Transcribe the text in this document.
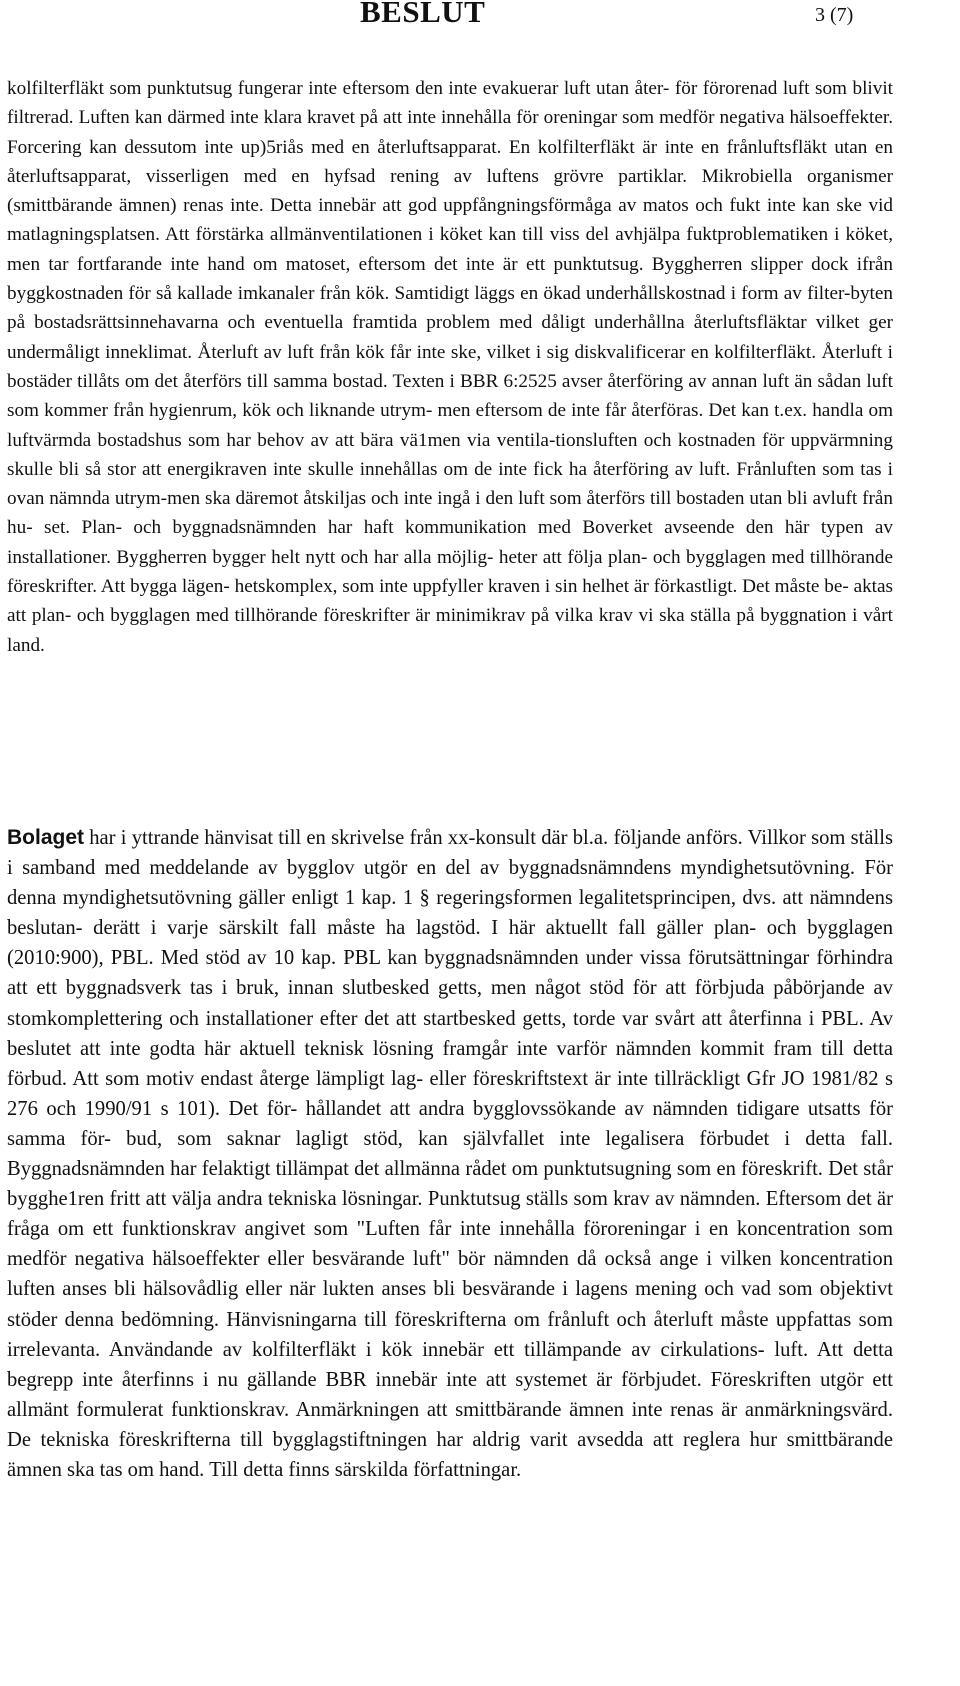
BESLUT	3 (7)

kolfilterfläkt som punktutsug fungerar inte eftersom den inte evakuerar luft utan åter- för förorenad luft som blivit filtrerad. Luften kan därmed inte klara kravet på att inte innehålla för oreningar som medför negativa hälsoeffekter. Forcering kan dessutom inte up)5riås med en återluftsapparat. En kolfilterfläkt är inte en frånluftsfläkt utan en återluftsapparat, visserligen med en hyfsad rening av luftens grövre partiklar. Mikrobiella organismer (smittbärande ämnen) renas inte. Detta innebär att god uppfångningsförmåga av matos och fukt inte kan ske vid matlagningsplatsen. Att förstärka allmänventilationen i köket kan till viss del avhjälpa fuktproblematiken i köket, men tar fortfarande inte hand om matoset, eftersom det inte är ett punktutsug. Byggherren slipper dock ifrån byggkostnaden för så kallade imkanaler från kök. Samtidigt läggs en ökad underhållskostnad i form av filter-byten på bostadsrättsinnehavarna och eventuella framtida problem med dåligt underhållna återluftsfläktar vilket ger undermåligt inneklimat. Återluft av luft från kök får inte ske, vilket i sig diskvalificerar en kolfilterfläkt. Återluft i bostäder tillåts om det återförs till samma bostad. Texten i BBR 6:2525 avser återföring av annan luft än sådan luft som kommer från hygienrum, kök och liknande utrym- men eftersom de inte får återföras. Det kan t.ex. handla om luftvärmda bostadshus som har behov av att bära vä1men via ventila-tionsluften och kostnaden för uppvärmning skulle bli så stor att energikraven inte skulle innehållas om de inte fick ha återföring av luft. Frånluften som tas i ovan nämnda utrym-men ska däremot åtskiljas och inte ingå i den luft som återförs till bostaden utan bli avluft från hu- set. Plan- och byggnadsnämnden har haft kommunikation med Boverket avseende den här typen av installationer. Byggherren bygger helt nytt och har alla möjlig- heter att följa plan- och bygglagen med tillhörande föreskrifter. Att bygga lägen- hetskomplex, som inte uppfyller kraven i sin helhet är förkastligt. Det måste be- aktas att plan- och bygglagen med tillhörande föreskrifter är minimikrav på vilka krav vi ska ställa på byggnation i vårt land.

Bolaget har i yttrande hänvisat till en skrivelse från xx-konsult där bl.a. följande anförs. Villkor som ställs i samband med meddelande av bygglov utgör en del av byggnadsnämndens myndighetsutövning. För denna myndighetsutövning gäller enligt 1 kap. 1 § regeringsformen legalitetsprincipen, dvs. att nämndens beslutan- derätt i varje särskilt fall måste ha lagstöd. I här aktuellt fall gäller plan- och bygglagen (2010:900), PBL. Med stöd av 10 kap. PBL kan byggnadsnämnden under vissa förutsättningar förhindra att ett byggnadsverk tas i bruk, innan slutbesked getts, men något stöd för att förbjuda påbörjande av stomkomplettering och installationer efter det att startbesked getts, torde var svårt att återfinna i PBL. Av beslutet att inte godta här aktuell teknisk lösning framgår inte varför nämnden kommit fram till detta förbud. Att som motiv endast återge lämpligt lag- eller föreskriftstext är inte tillräckligt Gfr JO 1981/82 s 276 och 1990/91 s 101). Det för- hållandet att andra bygglovssökande av nämnden tidigare utsatts för samma för- bud, som saknar lagligt stöd, kan självfallet inte legalisera förbudet i detta fall. Byggnadsnämnden har felaktigt tillämpat det allmänna rådet om punktutsugning som en föreskrift. Det står bygghe1ren fritt att välja andra tekniska lösningar. Punktutsug ställs som krav av nämnden. Eftersom det är fråga om ett funktionskrav angivet som "Luften får inte innehålla föroreningar i en koncentration som medför negativa hälsoeffekter eller besvärande luft" bör nämnden då också ange i vilken koncentration luften anses bli hälsovådlig eller när lukten anses bli besvärande i lagens mening och vad som objektivt stöder denna bedömning. Hänvisningarna till föreskrifterna om frånluft och återluft måste uppfattas som irrelevanta. Användande av kolfilterfläkt i kök innebär ett tillämpande av cirkulations- luft. Att detta begrepp inte återfinns i nu gällande BBR innebär inte att systemet är förbjudet. Föreskriften utgör ett allmänt formulerat funktionskrav. Anmärkningen att smittbärande ämnen inte renas är anmärkningsvärd. De tekniska föreskrifterna till bygglagstiftningen har aldrig varit avsedda att reglera hur smittbärande ämnen ska tas om hand. Till detta finns särskilda författningar.
